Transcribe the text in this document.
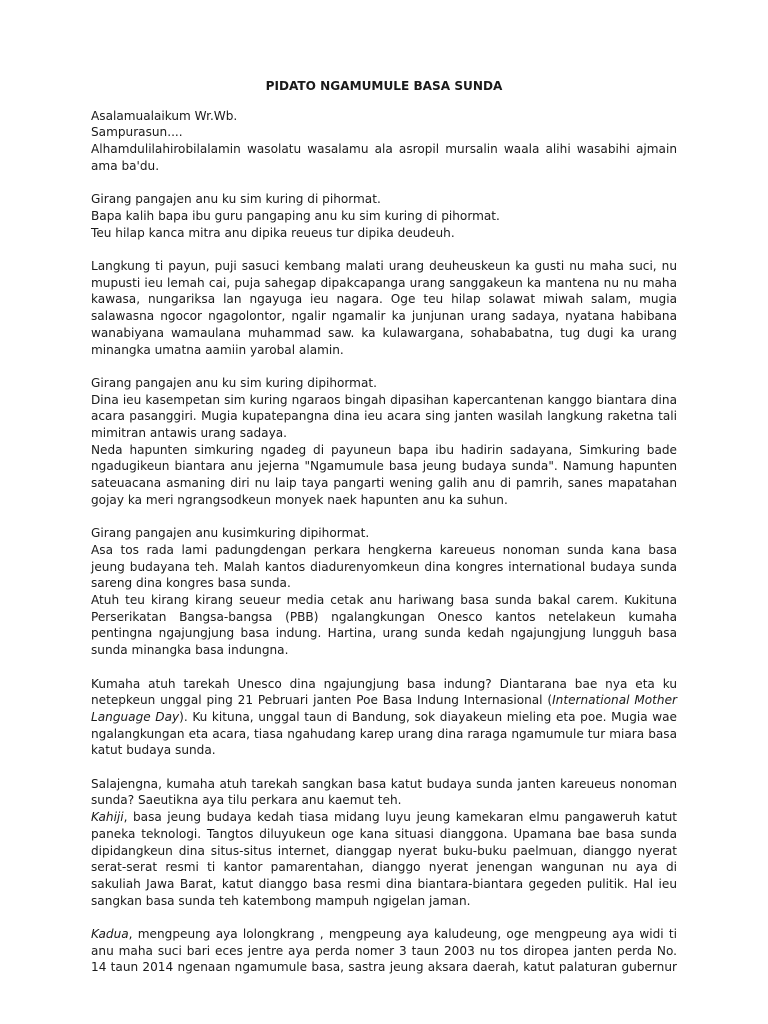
PIDATO NGAMUMULE BASA SUNDA
Asalamualaikum Wr.Wb.
Sampurasun....
Alhamdulilahirobilalamin wasolatu wasalamu ala asropil mursalin waala alihi wasabihi ajmain
ama ba'du.
Girang pangajen anu ku sim kuring di pihormat.
Bapa kalih bapa ibu guru pangaping anu ku sim kuring di pihormat.
Teu hilap kanca mitra anu dipika reueus tur dipika deudeuh.
Langkung ti payun, puji sasuci kembang malati urang deuheuskeun ka gusti nu maha suci, nu
mupusti ieu lemah cai, puja sahegap dipakcapanga urang sanggakeun ka mantena nu nu maha
kawasa, nungariksa lan ngayuga ieu nagara. Oge teu hilap solawat miwah salam, mugia
salawasna ngocor ngagolontor, ngalir ngamalir ka junjunan urang sadaya, nyatana habibana
wanabiyana wamaulana muhammad saw. ka kulawargana, sohababatna, tug dugi ka urang
minangka umatna aamiin yarobal alamin.
Girang pangajen anu ku sim kuring dipihormat.
Dina ieu kasempetan sim kuring ngaraos bingah dipasihan kapercantenan kanggo biantara dina
acara pasanggiri. Mugia kupatepangna dina ieu acara sing janten wasilah langkung raketna tali
mimitran antawis urang sadaya.
Neda hapunten simkuring ngadeg di payuneun bapa ibu hadirin sadayana, Simkuring bade
ngadugikeun biantara anu jejerna "Ngamumule basa jeung budaya sunda". Namung hapunten
sateuacana asmaning diri nu laip taya pangarti wening galih anu di pamrih, sanes mapatahan
gojay ka meri ngrangsodkeun monyek naek hapunten anu ka suhun.
Girang pangajen anu kusimkuring dipihormat.
Asa tos rada lami padungdengan perkara hengkerna kareueus nonoman sunda kana basa
jeung budayana teh. Malah kantos diadurenyomkeun dina kongres international budaya sunda
sareng dina kongres basa sunda.
Atuh teu kirang kirang seueur media cetak anu hariwang basa sunda bakal carem. Kukituna
Perserikatan Bangsa-bangsa (PBB) ngalangkungan Onesco kantos netelakeun kumaha
pentingna ngajungjung basa indung. Hartina, urang sunda kedah ngajungjung lungguh basa
sunda minangka basa indungna.
Kumaha atuh tarekah Unesco dina ngajungjung basa indung? Diantarana bae nya eta ku
netepkeun unggal ping 21 Pebruari janten Poe Basa Indung Internasional (International Mother
Language Day). Ku kituna, unggal taun di Bandung, sok diayakeun mieling eta poe. Mugia wae
ngalangkungan eta acara, tiasa ngahudang karep urang dina raraga ngamumule tur miara basa
katut budaya sunda.
Salajengna, kumaha atuh tarekah sangkan basa katut budaya sunda janten kareueus nonoman
sunda? Saeutikna aya tilu perkara anu kaemut teh.
Kahiji, basa jeung budaya kedah tiasa midang luyu jeung kamekaran elmu pangaweruh katut
paneka teknologi. Tangtos diluyukeun oge kana situasi dianggona. Upamana bae basa sunda
dipidangkeun dina situs-situs internet, dianggap nyerat buku-buku paelmuan, dianggo nyerat
serat-serat resmi ti kantor pamarentahan, dianggo nyerat jenengan wangunan nu aya di
sakuliah Jawa Barat, katut dianggo basa resmi dina biantara-biantara gegeden pulitik. Hal ieu
sangkan basa sunda teh katembong mampuh ngigelan jaman.
Kadua, mengpeung aya lolongkrang , mengpeung aya kaludeung, oge mengpeung aya widi ti
anu maha suci bari eces jentre aya perda nomer 3 taun 2003 nu tos diropea janten perda No.
14 taun 2014 ngenaan ngamumule basa, sastra jeung aksara daerah, katut palaturan gubernur
